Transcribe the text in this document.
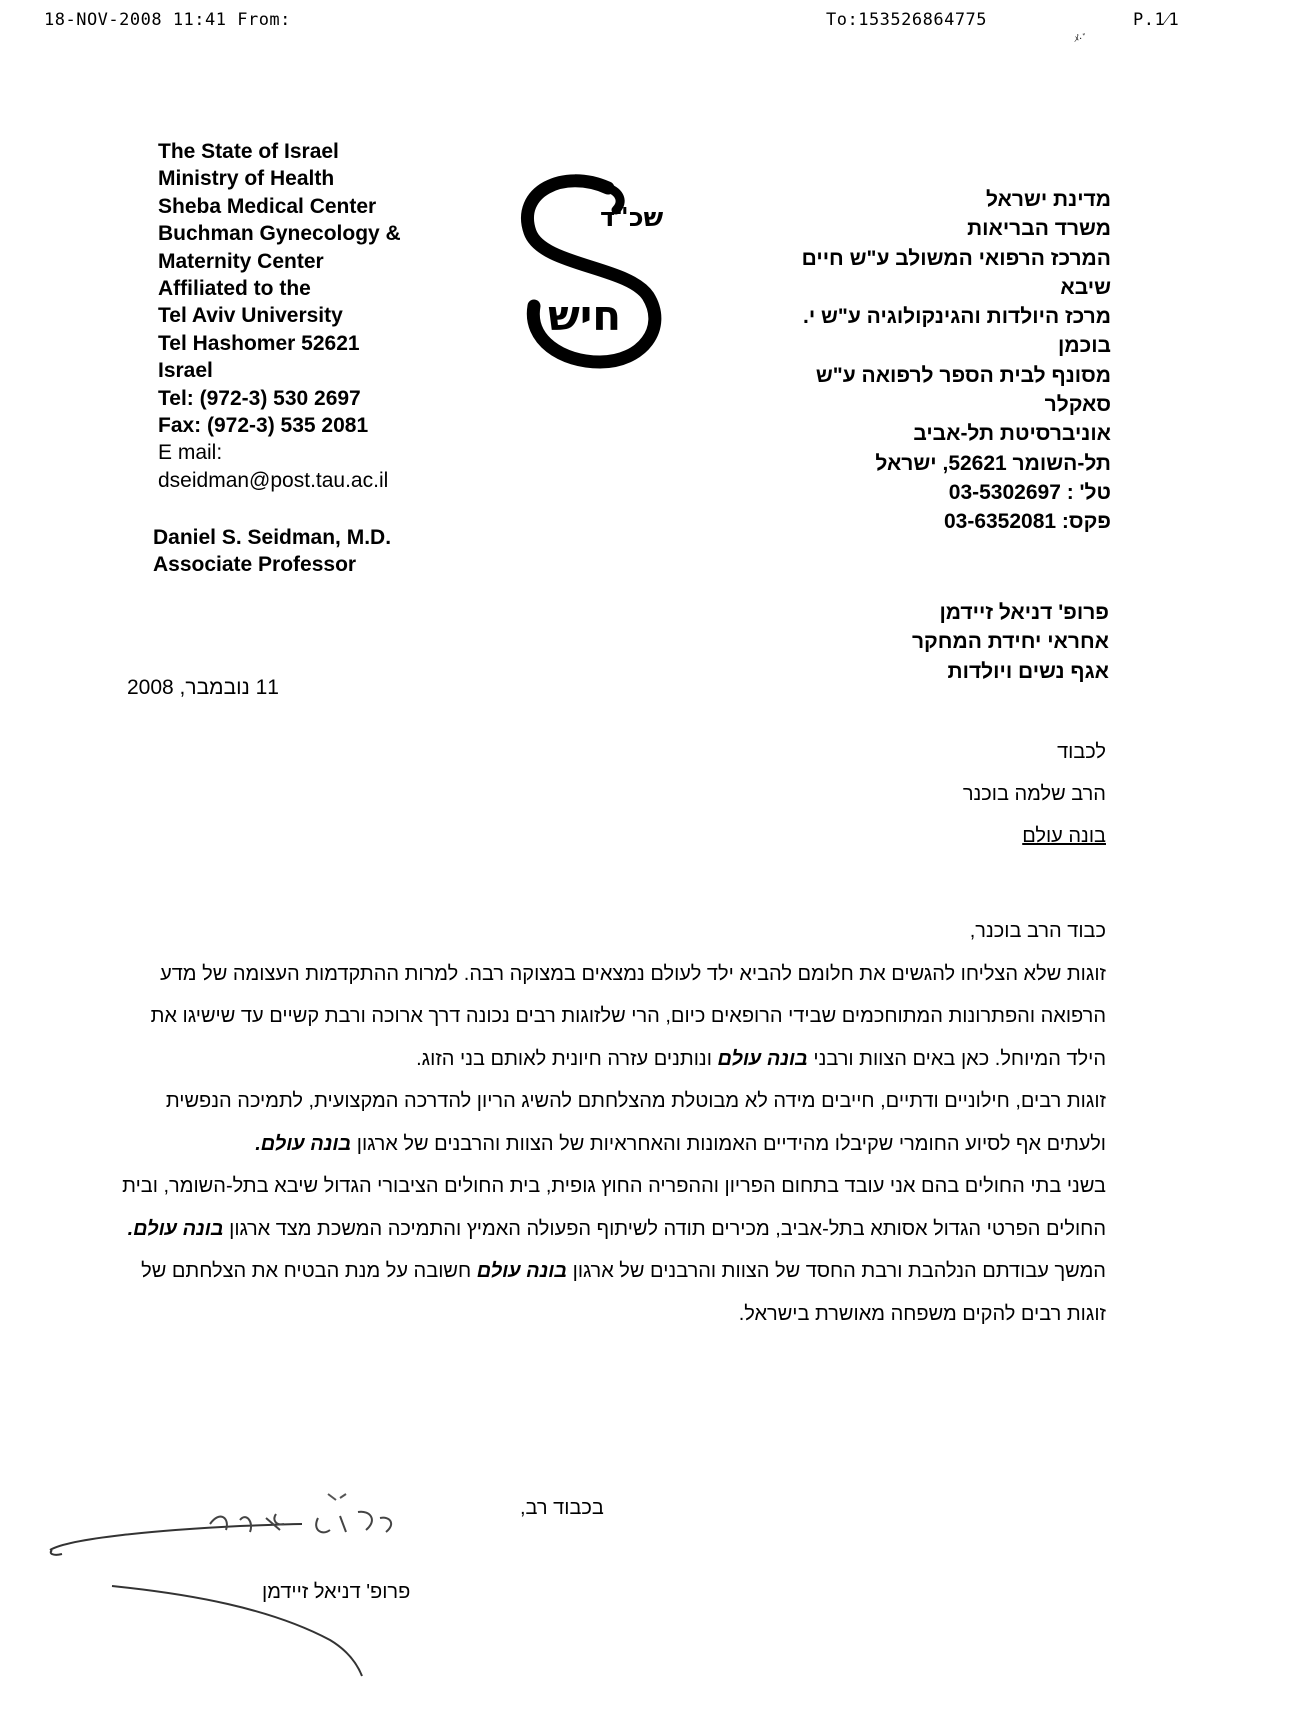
18-NOV-2008 11:41 From:	To:153526864775	P.1⁄1
ﾒ·ﾞ
The State of Israel
Ministry of Health
Sheba Medical Center
Buchman Gynecology &
Maternity Center
Affiliated to the
Tel Aviv University
Tel Hashomer 52621
Israel
Tel: (972-3) 530 2697
Fax: (972-3) 535 2081
E mail:
dseidman@post.tau.ac.il
Daniel S. Seidman, M.D.
Associate Professor
שכ"ד
חיש
מדינת ישראל
משרד הבריאות
המרכז הרפואי המשולב ע"ש חיים
שיבא
מרכז היולדות והגינקולוגיה ע"ש י.
בוכמן
מסונף לבית הספר לרפואה ע"ש
סאקלר
אוניברסיטת תל-אביב
תל-השומר 52621, ישראל
טל' : 03-5302697
פקס: 03-6352081
פרופ' דניאל זיידמן
אחראי יחידת המחקר
אגף נשים ויולדות
11 נובמבר, 2008
לכבוד
הרב שלמה בוכנר
בונה עולם
כבוד הרב בוכנר,

זוגות שלא הצליחו להגשים את חלומם להביא ילד לעולם נמצאים במצוקה רבה. למרות ההתקדמות העצומה של מדע הרפואה והפתרונות המתוחכמים שבידי הרופאים כיום, הרי שלזוגות רבים נכונה דרך ארוכה ורבת קשיים עד שישיגו את הילד המיוחל. כאן באים הצוות ורבני בונה עולם ונותנים עזרה חיונית לאותם בני הזוג.

זוגות רבים, חילוניים ודתיים, חייבים מידה לא מבוטלת מהצלחתם להשיג הריון להדרכה המקצועית, לתמיכה הנפשית ולעתים אף לסיוע החומרי שקיבלו מהידיים האמונות והאחראיות של הצוות והרבנים של ארגון בונה עולם.

בשני בתי החולים בהם אני עובד בתחום הפריון וההפריה החוץ גופית, בית החולים הציבורי הגדול שיבא בתל-השומר, ובית החולים הפרטי הגדול אסותא בתל-אביב, מכירים תודה לשיתוף הפעולה האמיץ והתמיכה המשכת מצד ארגון בונה עולם.

המשך עבודתם הנלהבת ורבת החסד של הצוות והרבנים של ארגון בונה עולם חשובה על מנת הבטיח את הצלחתם של זוגות רבים להקים משפחה מאושרת בישראל.

בכבוד רב,
פרופ' דניאל זיידמן
